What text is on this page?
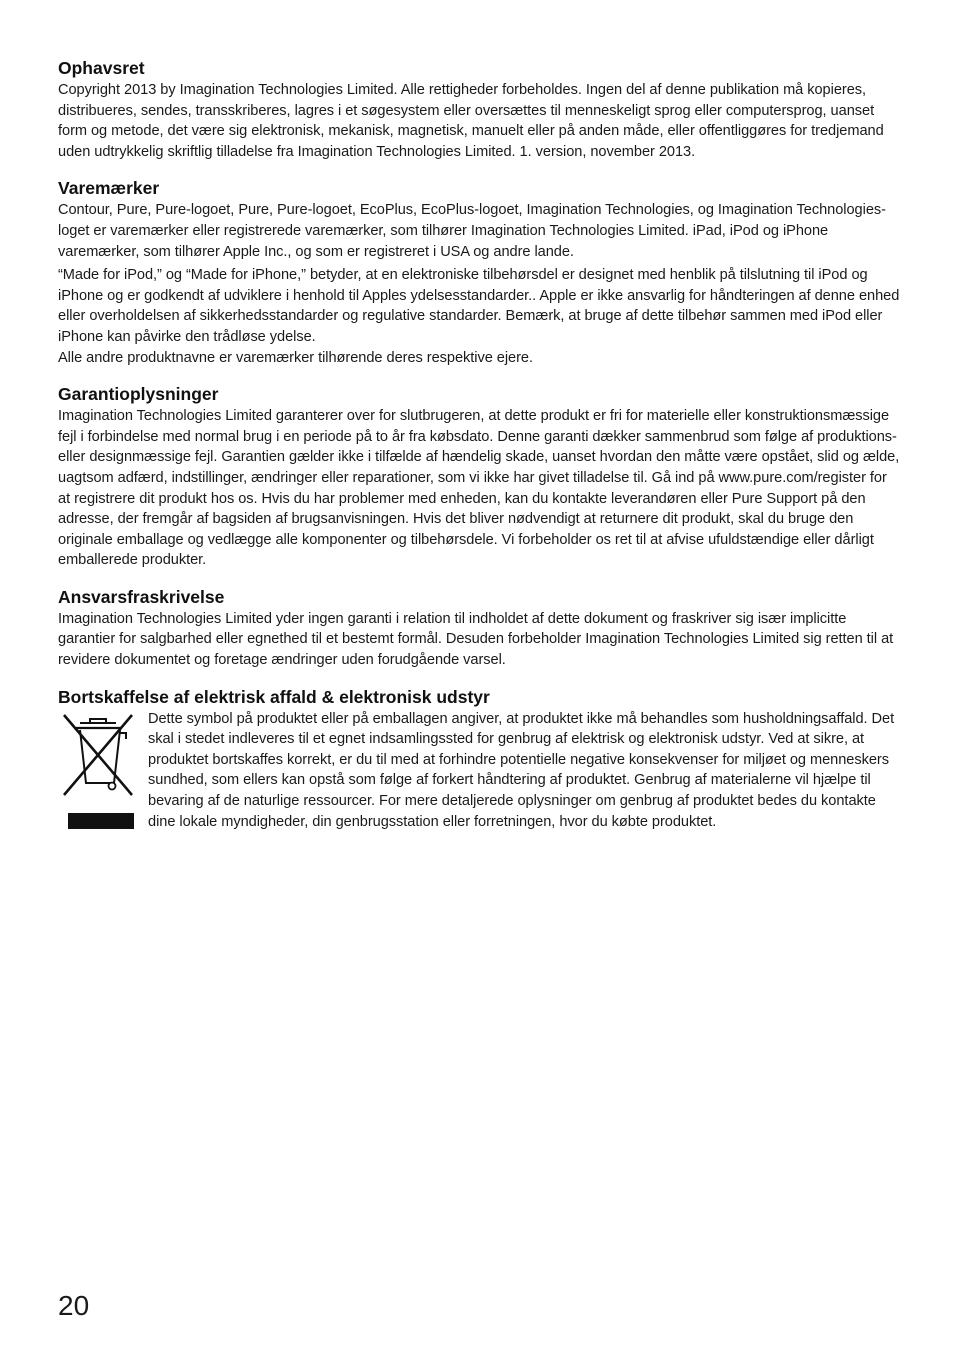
Ophavsret

Copyright 2013 by Imagination Technologies Limited. Alle rettigheder forbeholdes. Ingen del af denne publikation må kopieres, distribueres, sendes, transskriberes, lagres i et søgesystem eller oversættes til menneskeligt sprog eller computersprog, uanset form og metode, det være sig elektronisk, mekanisk, magnetisk, manuelt eller på anden måde, eller offentliggøres for tredjemand uden udtrykkelig skriftlig tilladelse fra Imagination Technologies Limited. 1. version, november 2013.

Varemærker

Contour, Pure, Pure-logoet, Pure, Pure-logoet, EcoPlus, EcoPlus-logoet, Imagination Technologies, og Imagination Technologies-loget er varemærker eller registrerede varemærker, som tilhører Imagination Technologies Limited. iPad, iPod og iPhone varemærker, som tilhører Apple Inc., og som er registreret i USA og andre lande.

“Made for iPod,” og “Made for iPhone,” betyder, at en elektroniske tilbehørsdel er designet med henblik på tilslutning til iPod og iPhone og er godkendt af udviklere i henhold til Apples ydelsesstandarder.. Apple er ikke ansvarlig for håndteringen af denne enhed eller overholdelsen af sikkerhedsstandarder og regulative standarder. Bemærk, at bruge af dette tilbehør sammen med iPod eller iPhone kan påvirke den trådløse ydelse.

Alle andre produktnavne er varemærker tilhørende deres respektive ejere.

Garantioplysninger

Imagination Technologies Limited garanterer over for slutbrugeren, at dette produkt er fri for materielle eller konstruktionsmæssige fejl i forbindelse med normal brug i en periode på to år fra købsdato. Denne garanti dækker sammenbrud som følge af produktions- eller designmæssige fejl. Garantien gælder ikke i tilfælde af hændelig skade, uanset hvordan den måtte være opstået, slid og ælde, uagtsom adfærd, indstillinger, ændringer eller reparationer, som vi ikke har givet tilladelse til. Gå ind på www.pure.com/register for at registrere dit produkt hos os. Hvis du har problemer med enheden, kan du kontakte leverandøren eller Pure Support på den adresse, der fremgår af bagsiden af brugsanvisningen. Hvis det bliver nødvendigt at returnere dit produkt, skal du bruge den originale emballage og vedlægge alle komponenter og tilbehørsdele. Vi forbeholder os ret til at afvise ufuldstændige eller dårligt emballerede produkter.

Ansvarsfraskrivelse

Imagination Technologies Limited yder ingen garanti i relation til indholdet af dette dokument og fraskriver sig især implicitte garantier for salgbarhed eller egnethed til et bestemt formål. Desuden forbeholder Imagination Technologies Limited sig retten til at revidere dokumentet og foretage ændringer uden forudgående varsel.

Bortskaffelse af elektrisk affald & elektronisk udstyr

Dette symbol på produktet eller på emballagen angiver, at produktet ikke må behandles som husholdningsaffald. Det skal i stedet indleveres til et egnet indsamlingssted for genbrug af elektrisk og elektronisk udstyr. Ved at sikre, at produktet bortskaffes korrekt, er du til med at forhindre potentielle negative konsekvenser for miljøet og menneskers sundhed, som ellers kan opstå som følge af forkert håndtering af produktet. Genbrug af materialerne vil hjælpe til bevaring af de naturlige ressourcer. For mere detaljerede oplysninger om genbrug af produktet bedes du kontakte dine lokale myndigheder, din genbrugsstation eller forretningen, hvor du købte produktet.

20
